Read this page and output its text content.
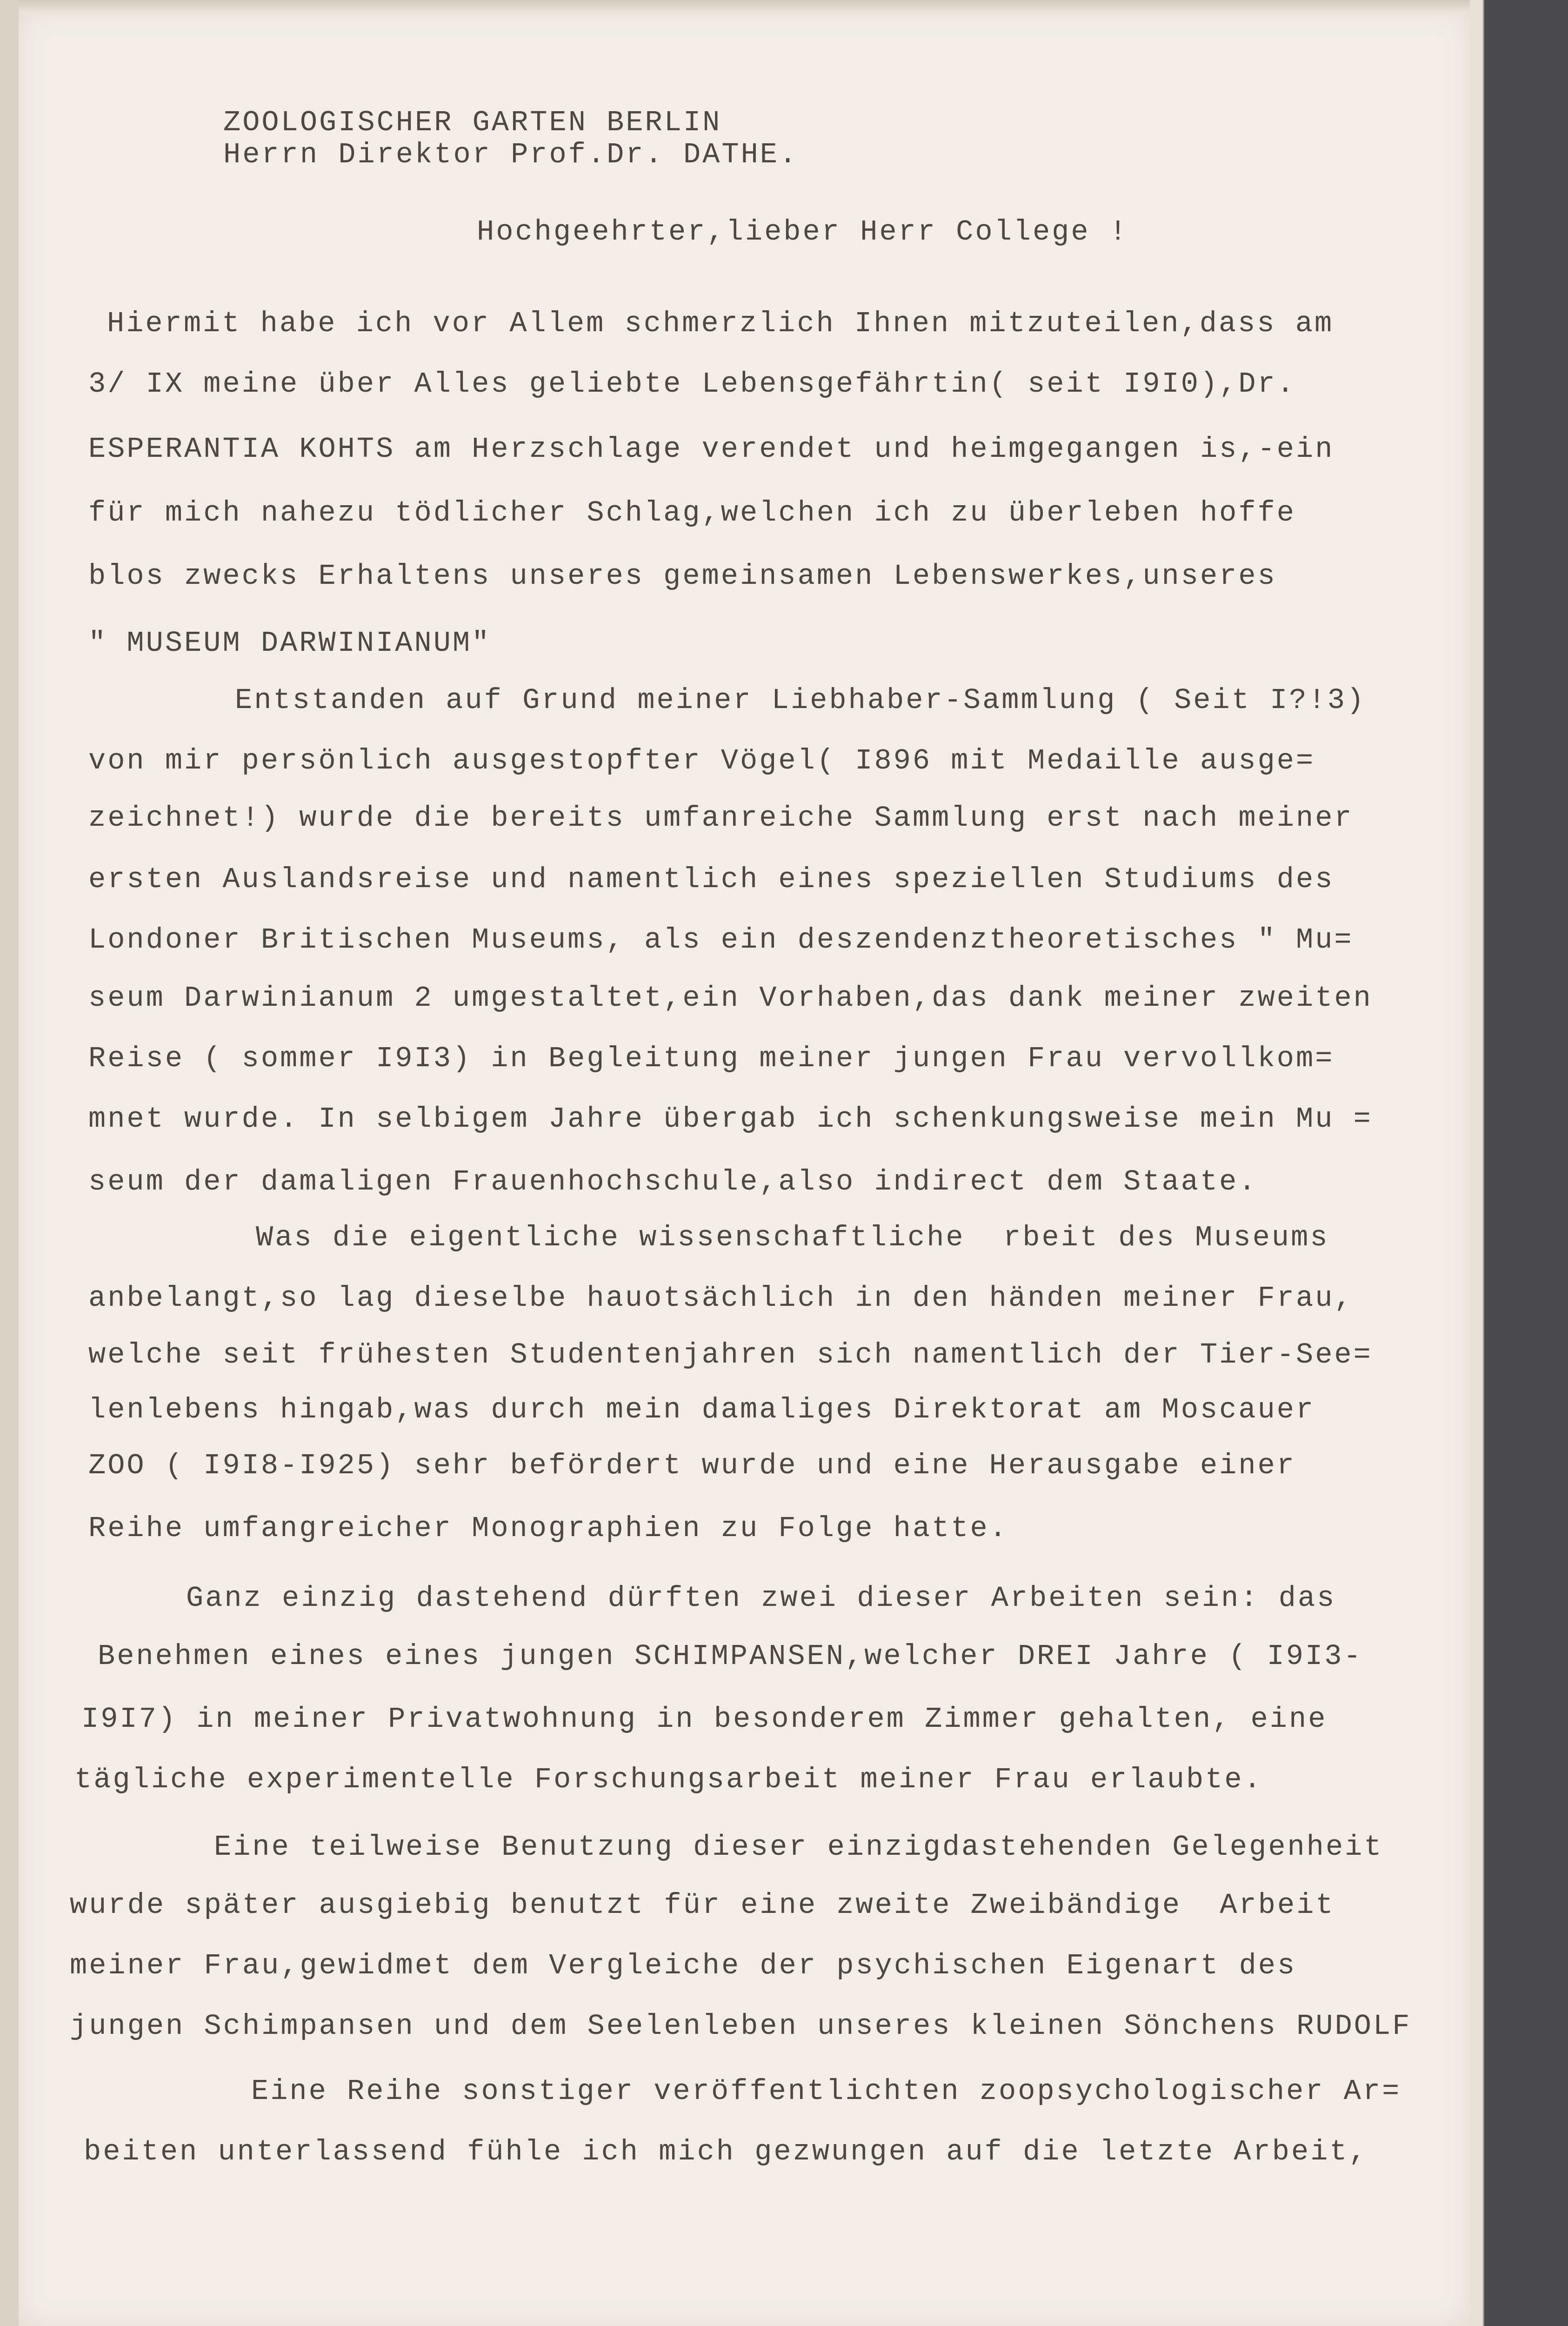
ZOOLOGISCHER GARTEN BERLIN

Herrn Direktor Prof.Dr. DATHE.

Hochgeehrter,lieber Herr College !

Hiermit habe ich vor Allem schmerzlich Ihnen mitzuteilen,dass am

3/ IX meine über Alles geliebte Lebensgefährtin( seit I9I0),Dr.

ESPERANTIA KOHTS am Herzschlage verendet und heimgegangen is,-ein

für mich nahezu tödlicher Schlag,welchen ich zu überleben hoffe

blos zwecks Erhaltens unseres gemeinsamen Lebenswerkes,unseres

" MUSEUM DARWINIANUM"

Entstanden auf Grund meiner Liebhaber-Sammlung ( Seit I?!3)

von mir persönlich ausgestopfter Vögel( I896 mit Medaille ausge=

zeichnet!) wurde die bereits umfanreiche Sammlung erst nach meiner

ersten Auslandsreise und namentlich eines speziellen Studiums des

Londoner Britischen Museums, als ein deszendenztheoretisches " Mu=

seum Darwinianum 2 umgestaltet,ein Vorhaben,das dank meiner zweiten

Reise ( sommer I9I3) in Begleitung meiner jungen Frau vervollkom=

mnet wurde. In selbigem Jahre übergab ich schenkungsweise mein Mu =

seum der damaligen Frauenhochschule,also indirect dem Staate.

Was die eigentliche wissenschaftliche  rbeit des Museums

anbelangt,so lag dieselbe hauotsächlich in den händen meiner Frau,

welche seit frühesten Studentenjahren sich namentlich der Tier-See=

lenlebens hingab,was durch mein damaliges Direktorat am Moscauer

ZOO ( I9I8-I925) sehr befördert wurde und eine Herausgabe einer

Reihe umfangreicher Monographien zu Folge hatte.

Ganz einzig dastehend dürften zwei dieser Arbeiten sein: das

Benehmen eines eines jungen SCHIMPANSEN,welcher DREI Jahre ( I9I3-

I9I7) in meiner Privatwohnung in besonderem Zimmer gehalten, eine

tägliche experimentelle Forschungsarbeit meiner Frau erlaubte.

Eine teilweise Benutzung dieser einzigdastehenden Gelegenheit

wurde später ausgiebig benutzt für eine zweite Zweibändige  Arbeit

meiner Frau,gewidmet dem Vergleiche der psychischen Eigenart des

jungen Schimpansen und dem Seelenleben unseres kleinen Sönchens RUDOLF

Eine Reihe sonstiger veröffentlichten zoopsychologischer Ar=

beiten unterlassend fühle ich mich gezwungen auf die letzte Arbeit,
